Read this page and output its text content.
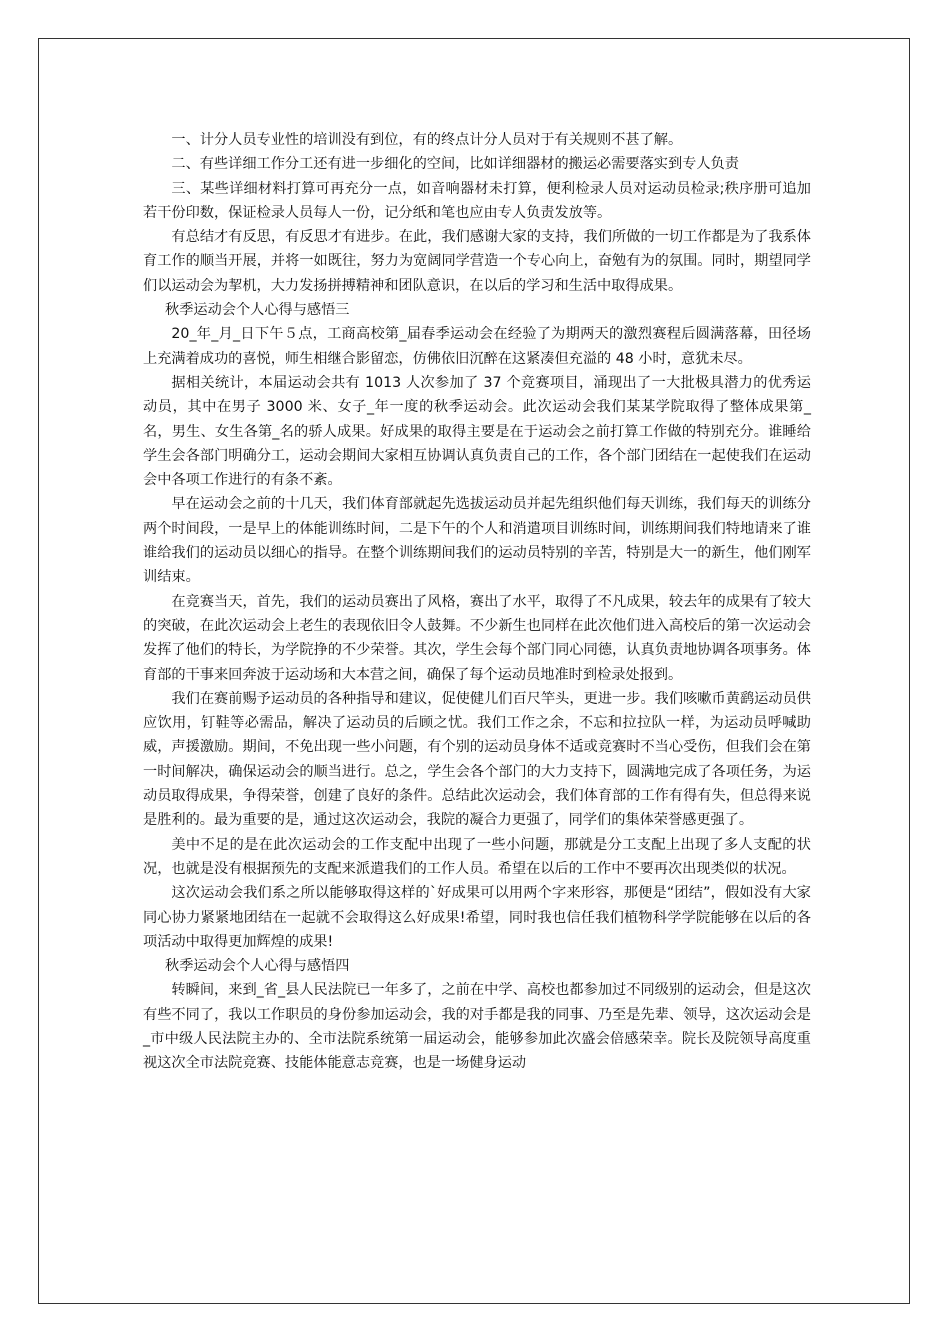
一、计分人员专业性的培训没有到位，有的终点计分人员对于有关规则不甚了解。

二、有些详细工作分工还有进一步细化的空间，比如详细器材的搬运必需要落实到专人负责

三、某些详细材料打算可再充分一点，如音响器材未打算，便利检录人员对运动员检录;秩序册可追加若干份印数，保证检录人员每人一份，记分纸和笔也应由专人负责发放等。

有总结才有反思，有反思才有进步。在此，我们感谢大家的支持，我们所做的一切工作都是为了我系体育工作的顺当开展，并将一如既往，努力为宽阔同学营造一个专心向上，奋勉有为的氛围。同时，期望同学们以运动会为挈机，大力发扬拼搏精神和团队意识，在以后的学习和生活中取得成果。

秋季运动会个人心得与感悟三

20_年_月_日下午５点，工商高校第_届春季运动会在经验了为期两天的激烈赛程后圆满落幕，田径场上充满着成功的喜悦，师生相继合影留恋，仿佛依旧沉醉在这紧凑但充溢的 48 小时，意犹未尽。

据相关统计，本届运动会共有 1013 人次参加了 37 个竞赛项目，涌现出了一大批极具潜力的优秀运动员，其中在男子 3000 米、女子_年一度的秋季运动会。此次运动会我们某某学院取得了整体成果第_名，男生、女生各第_名的骄人成果。好成果的取得主要是在于运动会之前打算工作做的特别充分。谁睡给学生会各部门明确分工，运动会期间大家相互协调认真负责自己的工作，各个部门团结在一起使我们在运动会中各项工作进行的有条不紊。

早在运动会之前的十几天，我们体育部就起先选拔运动员并起先组织他们每天训练，我们每天的训练分两个时间段，一是早上的体能训练时间，二是下午的个人和消遣项目训练时间，训练期间我们特地请来了谁谁给我们的运动员以细心的指导。在整个训练期间我们的运动员特别的辛苦，特别是大一的新生，他们刚军训结束。

在竞赛当天，首先，我们的运动员赛出了风格，赛出了水平，取得了不凡成果，较去年的成果有了较大的突破，在此次运动会上老生的表现依旧令人鼓舞。不少新生也同样在此次他们进入高校后的第一次运动会发挥了他们的特长，为学院挣的不少荣誉。其次，学生会每个部门同心同德，认真负责地协调各项事务。体育部的干事来回奔波于运动场和大本营之间，确保了每个运动员地准时到检录处报到。

我们在赛前赐予运动员的各种指导和建议，促使健儿们百尺竿头，更进一步。我们咳嗽币黄鹞运动员供应饮用，钉鞋等必需品，解决了运动员的后顾之忧。我们工作之余，不忘和拉拉队一样，为运动员呼喊助威，声援激励。期间，不免出现一些小问题，有个别的运动员身体不适或竞赛时不当心受伤，但我们会在第一时间解决，确保运动会的顺当进行。总之，学生会各个部门的大力支持下，圆满地完成了各项任务，为运动员取得成果，争得荣誉，创建了良好的条件。总结此次运动会，我们体育部的工作有得有失，但总得来说是胜利的。最为重要的是，通过这次运动会，我院的凝合力更强了，同学们的集体荣誉感更强了。

美中不足的是在此次运动会的工作支配中出现了一些小问题，那就是分工支配上出现了多人支配的状况，也就是没有根据预先的支配来派遣我们的工作人员。希望在以后的工作中不要再次出现类似的状况。

这次运动会我们系之所以能够取得这样的`好成果可以用两个字来形容，那便是“团结”，假如没有大家同心协力紧紧地团结在一起就不会取得这么好成果!希望，同时我也信任我们植物科学学院能够在以后的各项活动中取得更加辉煌的成果!

秋季运动会个人心得与感悟四

转瞬间，来到_省_县人民法院已一年多了，之前在中学、高校也都参加过不同级别的运动会，但是这次有些不同了，我以工作职员的身份参加运动会，我的对手都是我的同事、乃至是先辈、领导，这次运动会是_市中级人民法院主办的、全市法院系统第一届运动会，能够参加此次盛会倍感荣幸。院长及院领导高度重视这次全市法院竞赛、技能体能意志竞赛，也是一场健身运动
